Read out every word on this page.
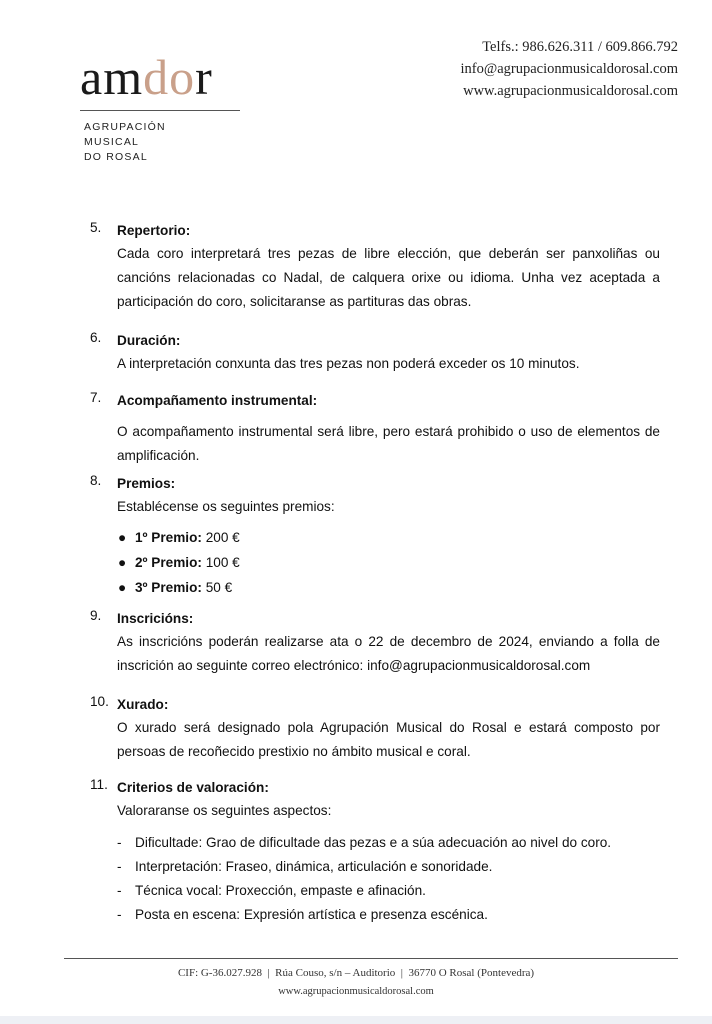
amdor
AGRUPACIÓN
MUSICAL
DO ROSAL
Telfs.: 986.626.311 / 609.866.792
info@agrupacionmusicaldorosal.com
www.agrupacionmusicaldorosal.com
5. Repertorio:
Cada coro interpretará tres pezas de libre elección, que deberán ser panxoliñas ou cancións relacionadas co Nadal, de calquera orixe ou idioma. Unha vez aceptada a participación do coro, solicitaranse as partituras das obras.
6. Duración:
A interpretación conxunta das tres pezas non poderá exceder os 10 minutos.
7. Acompañamento instrumental:
O acompañamento instrumental será libre, pero estará prohibido o uso de elementos de amplificación.
8. Premios:
Establécense os seguintes premios:
● 1º Premio: 200 €
● 2º Premio: 100 €
● 3º Premio: 50 €
9. Inscricións:
As inscricións poderán realizarse ata o 22 de decembro de 2024, enviando a folla de inscrición ao seguinte correo electrónico: info@agrupacionmusicaldorosal.com
10. Xurado:
O xurado será designado pola Agrupación Musical do Rosal e estará composto por persoas de recoñecido prestixio no ámbito musical e coral.
11. Criterios de valoración:
Valoraranse os seguintes aspectos:
- Dificultade: Grao de dificultade das pezas e a súa adecuación ao nivel do coro.
- Interpretación: Fraseo, dinámica, articulación e sonoridade.
- Técnica vocal: Proxección, empaste e afinación.
- Posta en escena: Expresión artística e presenza escénica.
CIF: G-36.027.928  |  Rúa Couso, s/n – Auditorio  |  36770 O Rosal (Pontevedra)
www.agrupacionmusicaldorosal.com
